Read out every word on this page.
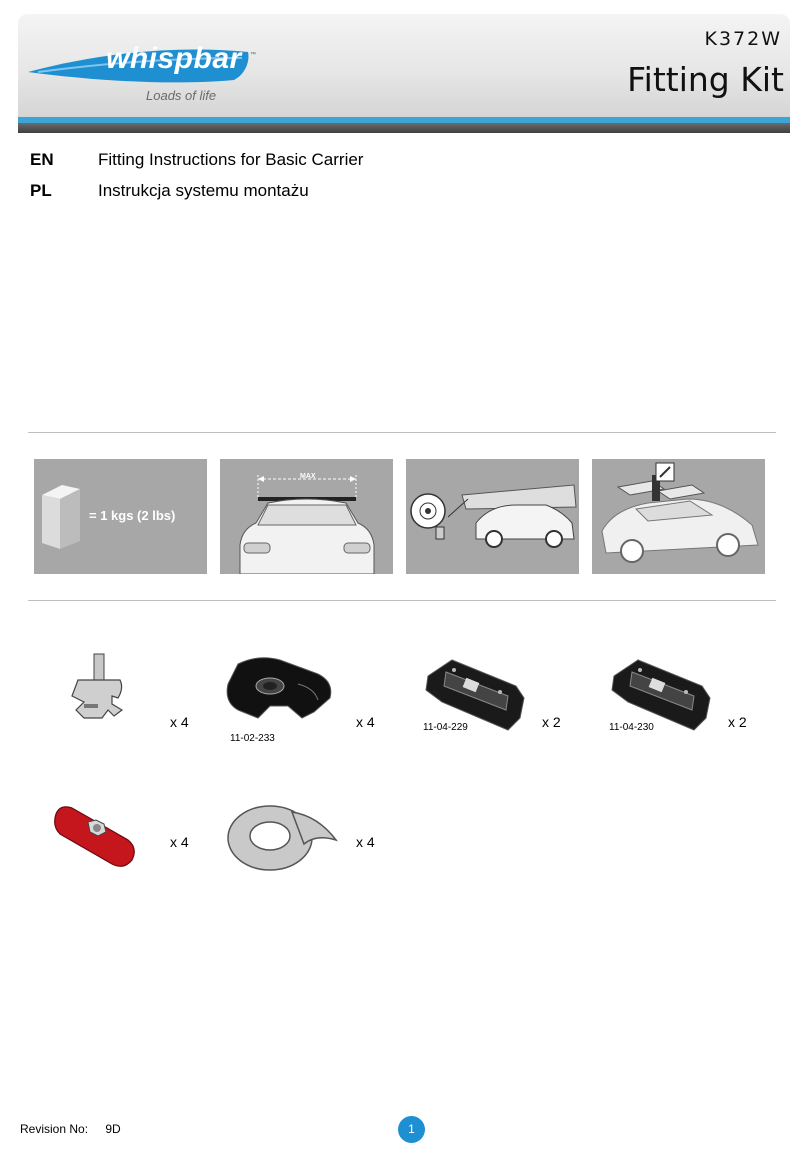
whispbar ™
Loads of life
K372W
Fitting Kit
EN	Fitting Instructions for Basic Carrier
PL	Instrukcja systemu montażu
= 1 kgs (2 lbs)
MAX
x 4
11-02-233
x 4	11-04-229	x 2	11-04-230	x 2
x 4	x 4
Revision No: 9D	1
